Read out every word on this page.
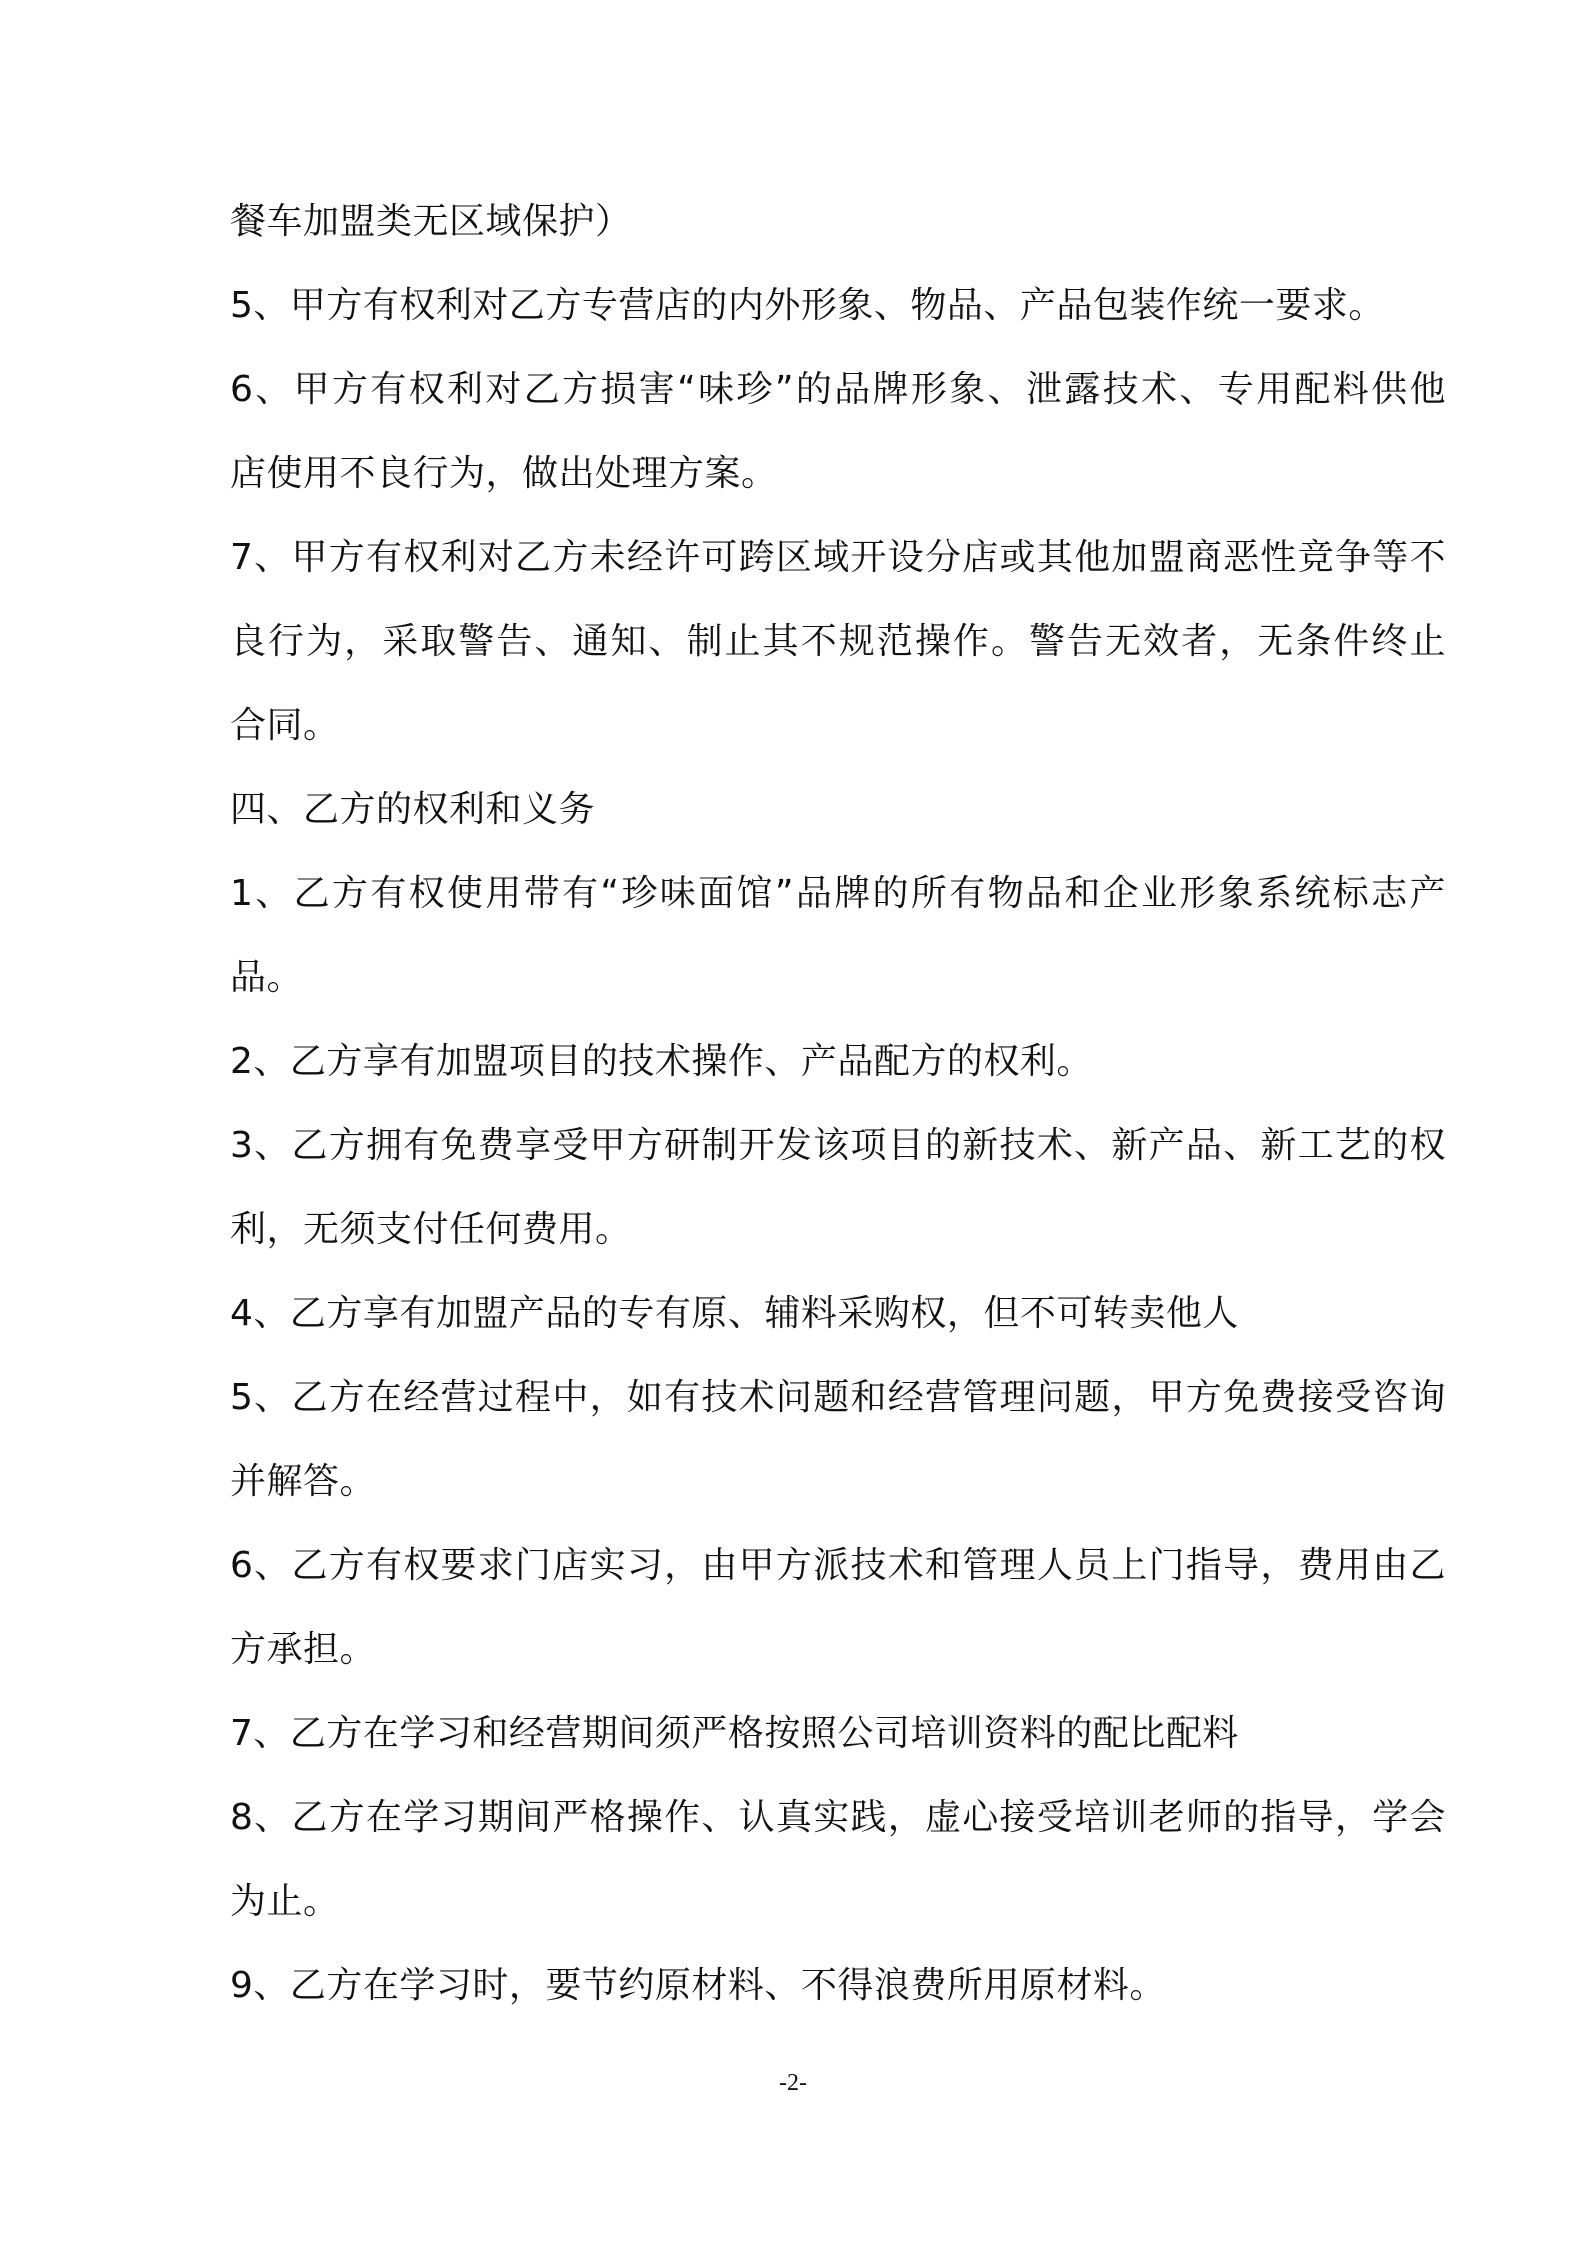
餐车加盟类无区域保护）
5、甲方有权利对乙方专营店的内外形象、物品、产品包装作统一要求。
6、甲方有权利对乙方损害“味珍”的品牌形象、泄露技术、专用配料供他
店使用不良行为，做出处理方案。
7、甲方有权利对乙方未经许可跨区域开设分店或其他加盟商恶性竞争等不
良行为，采取警告、通知、制止其不规范操作。警告无效者，无条件终止
合同。
四、乙方的权利和义务
1、乙方有权使用带有“珍味面馆”品牌的所有物品和企业形象系统标志产
品。
2、乙方享有加盟项目的技术操作、产品配方的权利。
3、乙方拥有免费享受甲方研制开发该项目的新技术、新产品、新工艺的权
利，无须支付任何费用。
4、乙方享有加盟产品的专有原、辅料采购权，但不可转卖他人
5、乙方在经营过程中，如有技术问题和经营管理问题，甲方免费接受咨询
并解答。
6、乙方有权要求门店实习，由甲方派技术和管理人员上门指导，费用由乙
方承担。
7、乙方在学习和经营期间须严格按照公司培训资料的配比配料
8、乙方在学习期间严格操作、认真实践，虚心接受培训老师的指导，学会
为止。
9、乙方在学习时，要节约原材料、不得浪费所用原材料。
-2-
